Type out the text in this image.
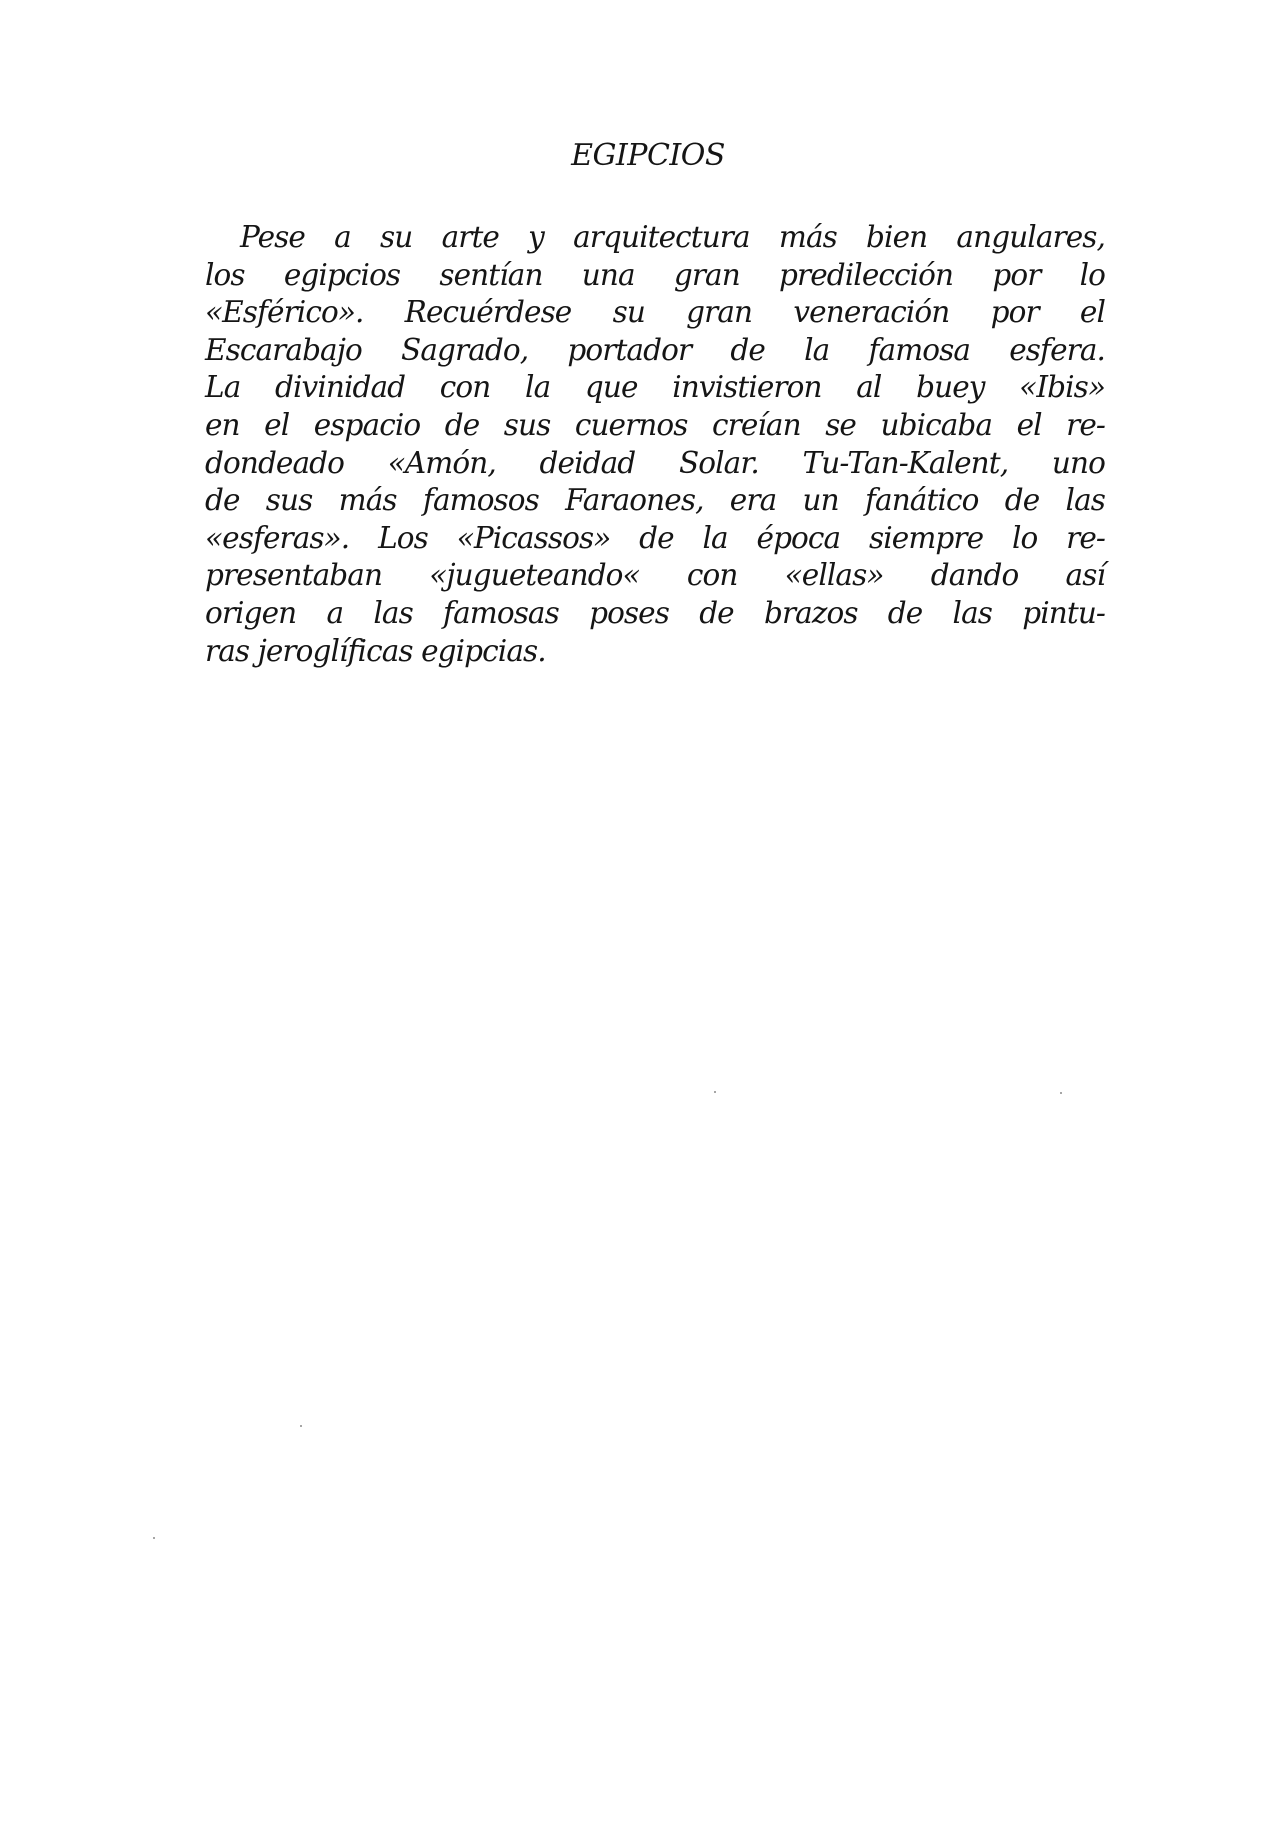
EGIPCIOS
Pese a su arte y arquitectura más bien angulares,
los egipcios sentían una gran predilección por lo
«Esférico». Recuérdese su gran veneración por el
Escarabajo Sagrado, portador de la famosa esfera.
La divinidad con la que invistieron al buey «Ibis»
en el espacio de sus cuernos creían se ubicaba el re-
dondeado «Amón, deidad Solar. Tu-Tan-Kalent, uno
de sus más famosos Faraones, era un fanático de las
«esferas». Los «Picassos» de la época siempre lo re-
presentaban «jugueteando« con «ellas» dando así
origen a las famosas poses de brazos de las pintu-
ras jeroglíficas egipcias.
